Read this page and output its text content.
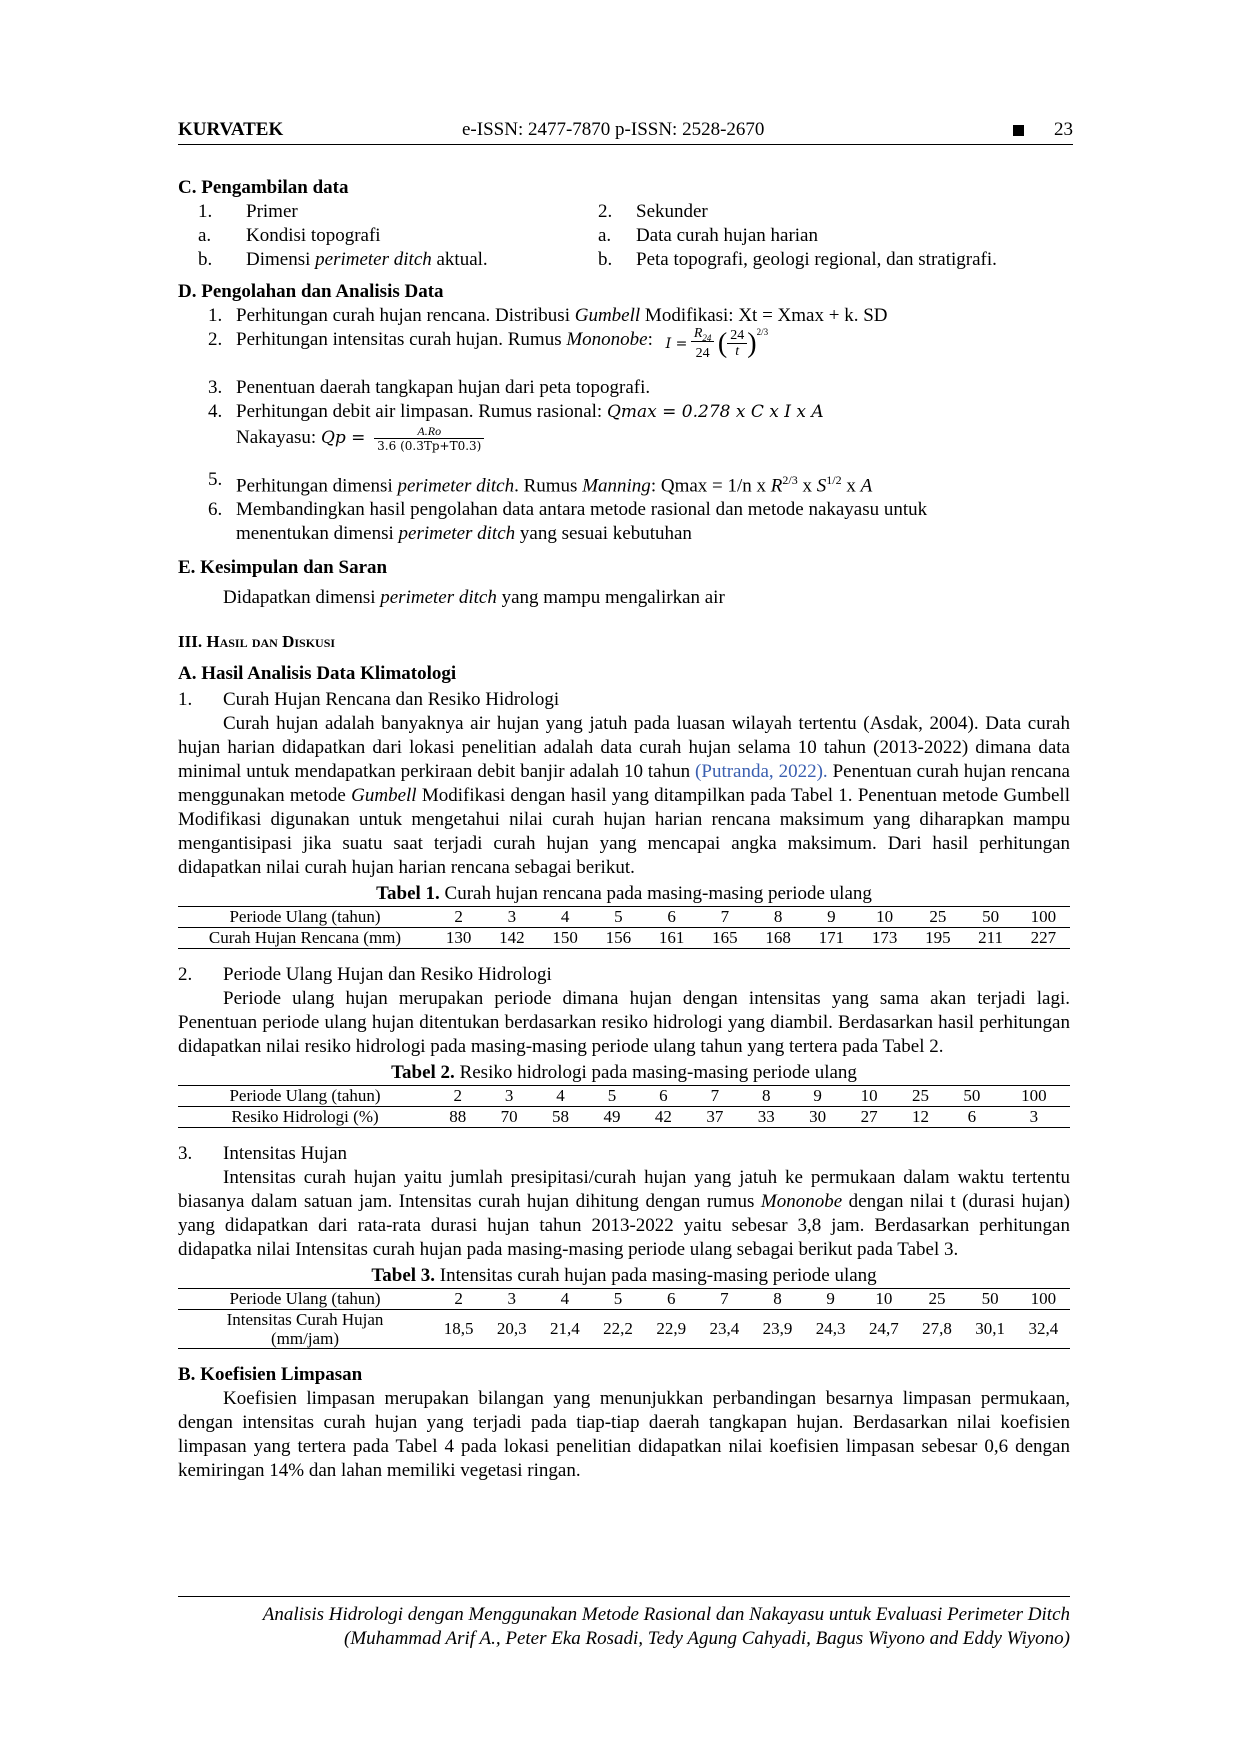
KURVATEK	e-ISSN: 2477-7870 p-ISSN: 2528-2670	23
C. Pengambilan data
1.	Primer	2.	Sekunder
a.	Kondisi topografi	a.	Data curah hujan harian
b.	Dimensi perimeter ditch aktual.	b.	Peta topografi, geologi regional, dan stratigrafi.
D. Pengolahan dan Analisis Data
1. Perhitungan curah hujan rencana. Distribusi Gumbell Modifikasi: Xt = Xmax + k. SD
2. Perhitungan intensitas curah hujan. Rumus Mononobe: $I = \frac{R_{24}}{24} (\frac{24}{t} )^{2/3}$
3. Penentuan daerah tangkapan hujan dari peta topografi.
4. Perhitungan debit air limpasan. Rumus rasional: Qmax = 0.278 x C x I x A
Nakayasu: $Qp = \frac{A.Ro}{3.6 (0.3Tp+T0.3)}$
5. Perhitungan dimensi perimeter ditch. Rumus Manning: Qmax = 1/n x $R^{2/3}$ x $S^{1/2}$ x A
6. Membandingkan hasil pengolahan data antara metode rasional dan metode nakayasu untuk menentukan dimensi perimeter ditch yang sesuai kebutuhan
E. Kesimpulan dan Saran
Didapatkan dimensi perimeter ditch yang mampu mengalirkan air
III. Hasil dan Diskusi
A. Hasil Analisis Data Klimatologi
1. Curah Hujan Rencana dan Resiko Hidrologi
Curah hujan adalah banyaknya air hujan yang jatuh pada luasan wilayah tertentu (Asdak, 2004). Data curah hujan harian didapatkan dari lokasi penelitian adalah data curah hujan selama 10 tahun (2013-2022) dimana data minimal untuk mendapatkan perkiraan debit banjir adalah 10 tahun (Putranda, 2022). Penentuan curah hujan rencana menggunakan metode Gumbell Modifikasi dengan hasil yang ditampilkan pada Tabel 1. Penentuan metode Gumbell Modifikasi digunakan untuk mengetahui nilai curah hujan harian rencana maksimum yang diharapkan mampu mengantisipasi jika suatu saat terjadi curah hujan yang mencapai angka maksimum. Dari hasil perhitungan didapatkan nilai curah hujan harian rencana sebagai berikut.
Tabel 1. Curah hujan rencana pada masing-masing periode ulang
Periode Ulang (tahun)	2	3	4	5	6	7	8	9	10	25	50	100
Curah Hujan Rencana (mm)	130	142	150	156	161	165	168	171	173	195	211	227
2. Periode Ulang Hujan dan Resiko Hidrologi
Periode ulang hujan merupakan periode dimana hujan dengan intensitas yang sama akan terjadi lagi. Penentuan periode ulang hujan ditentukan berdasarkan resiko hidrologi yang diambil. Berdasarkan hasil perhitungan didapatkan nilai resiko hidrologi pada masing-masing periode ulang tahun yang tertera pada Tabel 2.
Tabel 2. Resiko hidrologi pada masing-masing periode ulang
Periode Ulang (tahun)	2	3	4	5	6	7	8	9	10	25	50	100
Resiko Hidrologi (%)	88	70	58	49	42	37	33	30	27	12	6	3
3. Intensitas Hujan
Intensitas curah hujan yaitu jumlah presipitasi/curah hujan yang jatuh ke permukaan dalam waktu tertentu biasanya dalam satuan jam. Intensitas curah hujan dihitung dengan rumus Mononobe dengan nilai t (durasi hujan) yang didapatkan dari rata-rata durasi hujan tahun 2013-2022 yaitu sebesar 3,8 jam. Berdasarkan perhitungan didapatka nilai Intensitas curah hujan pada masing-masing periode ulang sebagai berikut pada Tabel 3.
Tabel 3. Intensitas curah hujan pada masing-masing periode ulang
Periode Ulang (tahun)	2	3	4	5	6	7	8	9	10	25	50	100
Intensitas Curah Hujan
(mm/jam)	18,5	20,3	21,4	22,2	22,9	23,4	23,9	24,3	24,7	27,8	30,1	32,4
B. Koefisien Limpasan
Koefisien limpasan merupakan bilangan yang menunjukkan perbandingan besarnya limpasan permukaan, dengan intensitas curah hujan yang terjadi pada tiap-tiap daerah tangkapan hujan. Berdasarkan nilai koefisien limpasan yang tertera pada Tabel 4 pada lokasi penelitian didapatkan nilai koefisien limpasan sebesar 0,6 dengan kemiringan 14% dan lahan memiliki vegetasi ringan.
Analisis Hidrologi dengan Menggunakan Metode Rasional dan Nakayasu untuk Evaluasi Perimeter Ditch
(Muhammad Arif A., Peter Eka Rosadi, Tedy Agung Cahyadi, Bagus Wiyono and Eddy Wiyono)
